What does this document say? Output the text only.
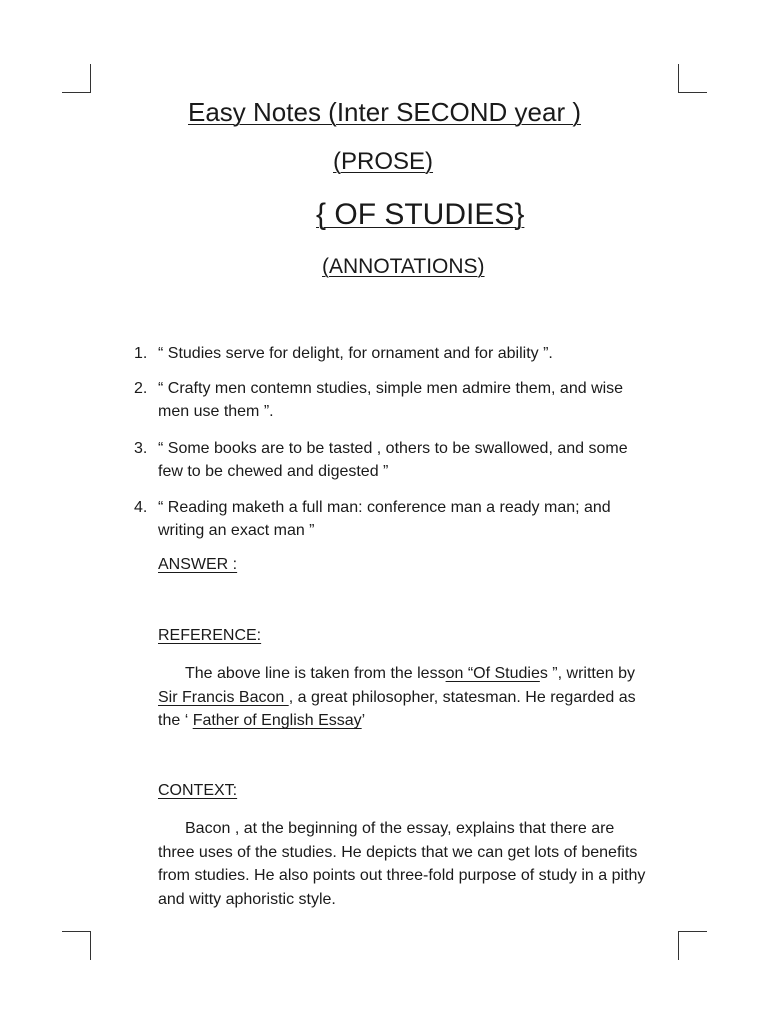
Easy Notes (Inter SECOND year )
(PROSE)
{ OF STUDIES}
(ANNOTATIONS)
1. “ Studies serve for delight, for ornament and for ability ”.
2. “ Crafty men contemn studies, simple men admire them, and wise
men use them ”.
3. “ Some books are to be tasted , others to be swallowed, and some
few to be chewed and digested ”
4. “ Reading maketh a full man: conference man a ready man; and
writing an exact man ”
ANSWER :
REFERENCE:
The above line is taken from the lesson “Of Studies ”, written by
Sir Francis Bacon , a great philosopher, statesman. He regarded as
the ‘ Father of English Essay’
CONTEXT:
Bacon , at the beginning of the essay, explains that there are
three uses of the studies. He depicts that we can get lots of benefits
from studies. He also points out three-fold purpose of study in a pithy
and witty aphoristic style.
